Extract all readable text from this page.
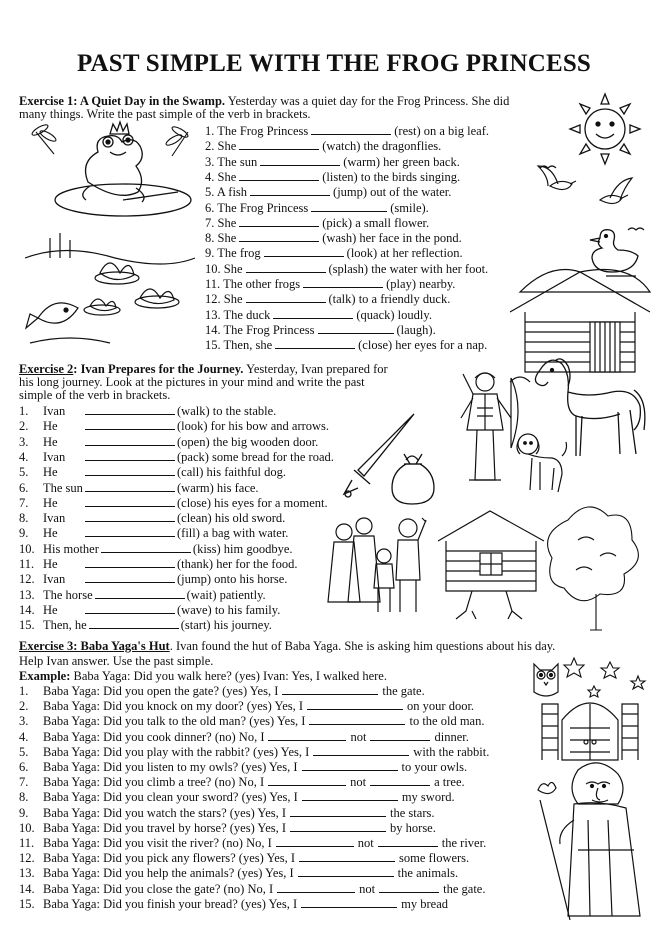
PAST SIMPLE WITH THE FROG PRINCESS
Exercise 1: A Quiet Day in the Swamp. Yesterday was a quiet day for the Frog Princess. She did
many things. Write the past simple of the verb in brackets.
1. The Frog Princess	(rest) on a big leaf.
2. She	(watch) the dragonflies.
3. The sun	(warm) her green back.
4. She	(listen) to the birds singing.
5. A fish	(jump) out of the water.
6. The Frog Princess	(smile).
7. She	(pick) a small flower.
8. She	(wash) her face in the pond.
9. The frog	(look) at her reflection.
10. She	(splash) the water with her foot.
11. The other frogs	(play) nearby.
12. She	(talk) to a friendly duck.
13. The duck	(quack) loudly.
14. The Frog Princess	(laugh).
15. Then, she	(close) her eyes for a nap.
Exercise 2: Ivan Prepares for the Journey. Yesterday, Ivan prepared for
his long journey. Look at the pictures in your mind and write the past
simple of the verb in brackets.
1. Ivan	(walk) to the stable.
2. He	(look) for his bow and arrows.
3. He	(open) the big wooden door.
4. Ivan	(pack) some bread for the road.
5. He	(call) his faithful dog.
6. The sun	(warm) his face.
7. He	(close) his eyes for a moment.
8. Ivan	(clean) his old sword.
9. He	(fill) a bag with water.
10. His mother	(kiss) him goodbye.
11. He	(thank) her for the food.
12. Ivan	(jump) onto his horse.
13. The horse	(wait) patiently.
14. He	(wave) to his family.
15. Then, he	(start) his journey.
Exercise 3: Baba Yaga's Hut. Ivan found the hut of Baba Yaga. She is asking him questions about his day.
Help Ivan answer. Use the past simple.
Example: Baba Yaga: Did you walk here? (yes) Ivan: Yes, I walked here.
1. Baba Yaga: Did you open the gate? (yes) Yes, I	the gate.
2. Baba Yaga: Did you knock on my door? (yes) Yes, I	on your door.
3. Baba Yaga: Did you talk to the old man? (yes) Yes, I	to the old man.
4. Baba Yaga: Did you cook dinner? (no) No, I	not	dinner.
5. Baba Yaga: Did you play with the rabbit? (yes) Yes, I	with the rabbit.
6. Baba Yaga: Did you listen to my owls? (yes) Yes, I	to your owls.
7. Baba Yaga: Did you climb a tree? (no) No, I	not	a tree.
8. Baba Yaga: Did you clean your sword? (yes) Yes, I	my sword.
9. Baba Yaga: Did you watch the stars? (yes) Yes, I	the stars.
10. Baba Yaga: Did you travel by horse? (yes) Yes, I	by horse.
11. Baba Yaga: Did you visit the river? (no) No, I	not	the river.
12. Baba Yaga: Did you pick any flowers? (yes) Yes, I	some flowers.
13. Baba Yaga: Did you help the animals? (yes) Yes, I	the animals.
14. Baba Yaga: Did you close the gate? (no) No, I	not	the gate.
15. Baba Yaga: Did you finish your bread? (yes) Yes, I	my bread
